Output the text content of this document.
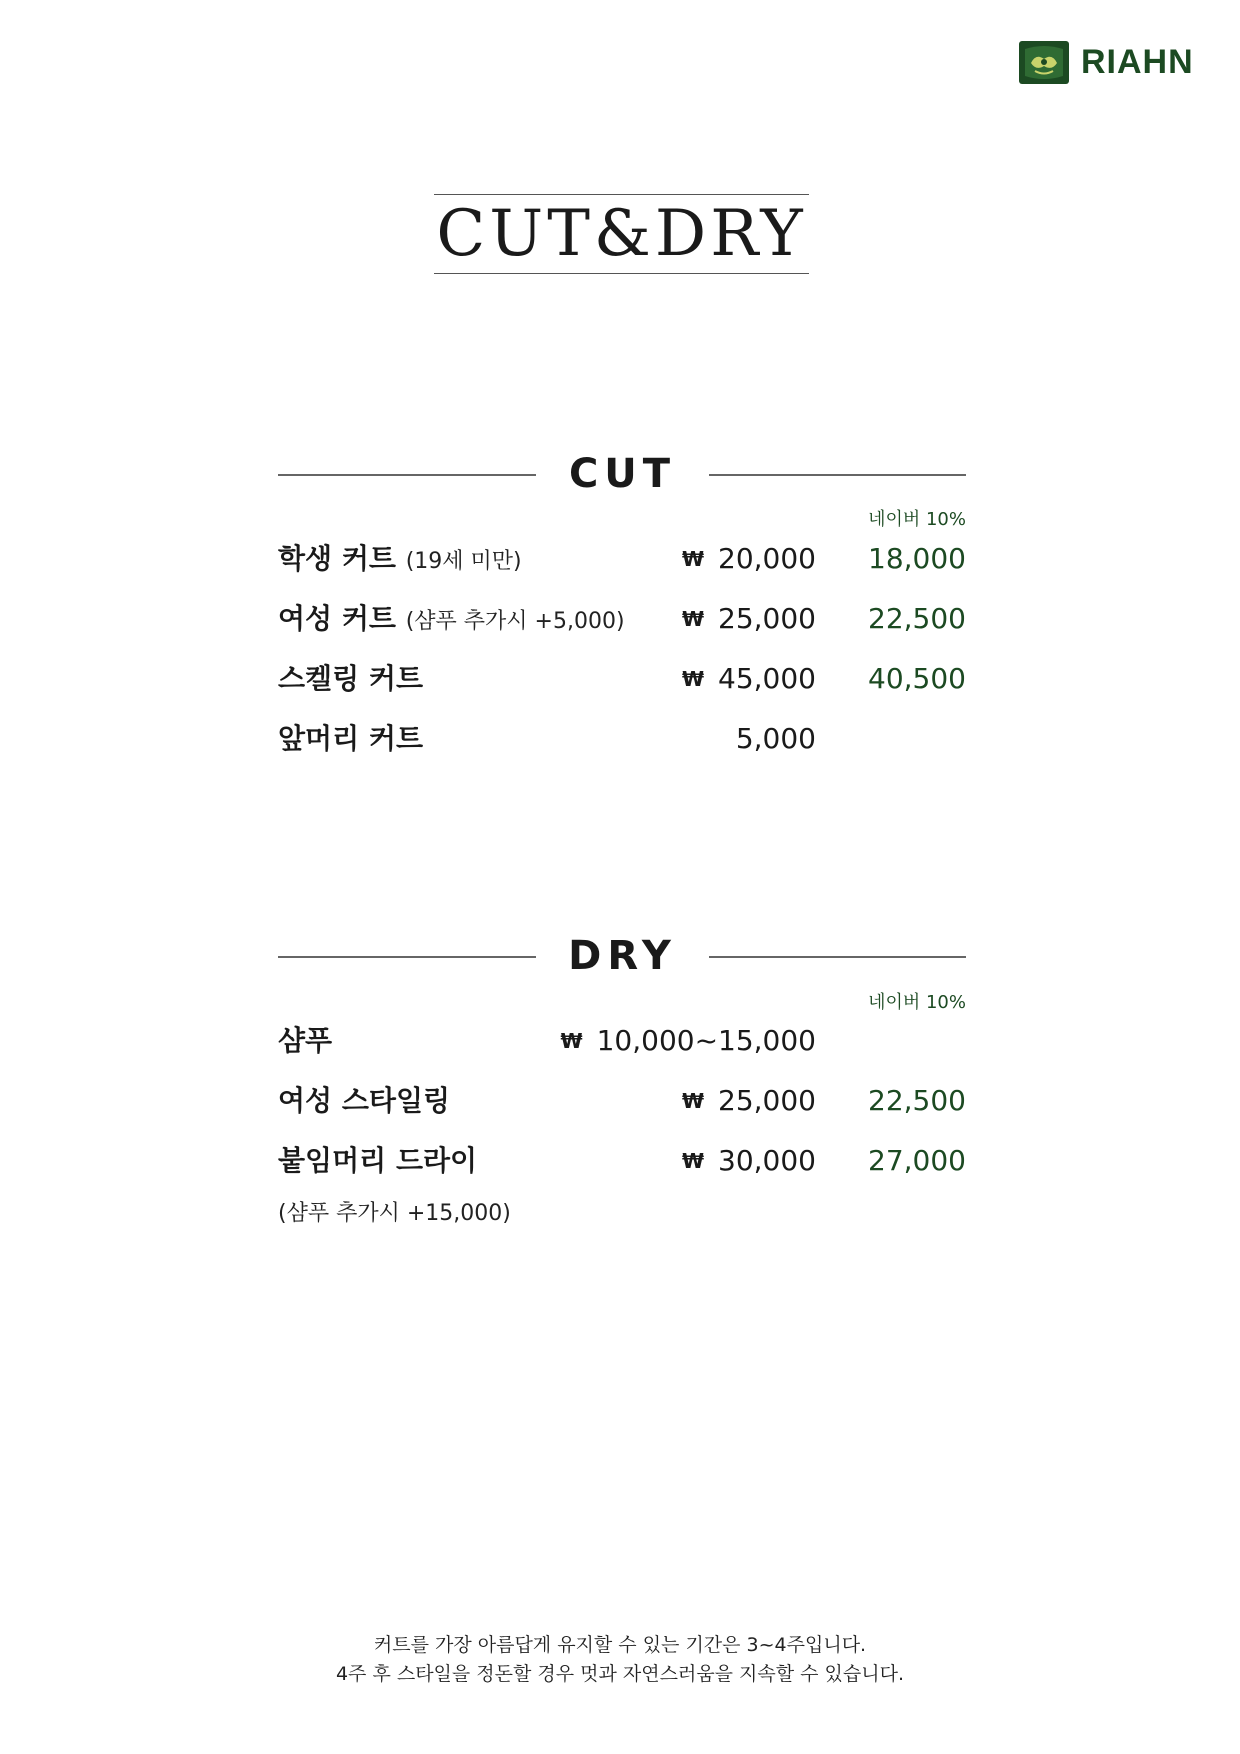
RIAHN
CUT&DRY
CUT
네이버 10%
학생 커트 (19세 미만)	₩ 20,000 18,000
여성 커트 (샴푸 추가시 +5,000)	₩ 25,000 22,500
스켈링 커트	₩ 45,000 40,500
앞머리 커트	5,000
DRY
네이버 10%
샴푸	₩ 10,000~15,000
여성 스타일링	₩ 25,000 22,500
붙임머리 드라이	₩ 30,000 27,000
(샴푸 추가시 +15,000)
커트를 가장 아름답게 유지할 수 있는 기간은 3~4주입니다.
4주 후 스타일을 정돈할 경우 멋과 자연스러움을 지속할 수 있습니다.
